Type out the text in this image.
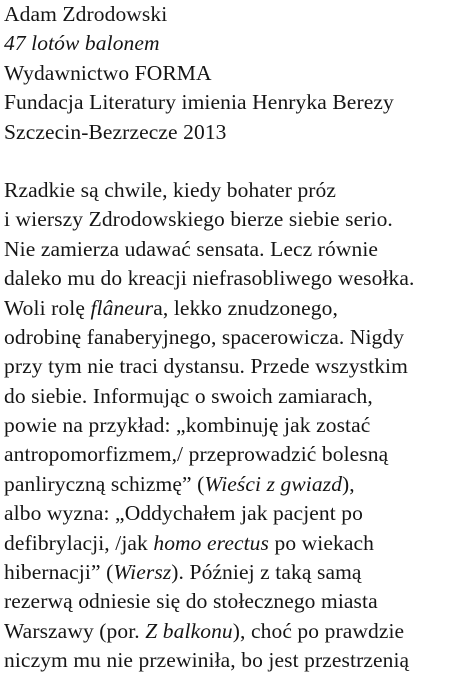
Adam Zdrodowski
47 lotów balonem
Wydawnictwo FORMA
Fundacja Literatury imienia Henryka Berezy
Szczecin-Bezrzecze 2013
Rzadkie są chwile, kiedy bohater próz
i wierszy Zdrodowskiego bierze siebie serio.
Nie zamierza udawać sensata. Lecz równie
daleko mu do kreacji niefrasobliwego wesołka.
Woli rolę flâneura, lekko znudzonego,
odrobinę fanaberyjnego, spacerowicza. Nigdy
przy tym nie traci dystansu. Przede wszystkim
do siebie. Informując o swoich zamiarach,
powie na przykład: „kombinuję jak zostać
antropomorfizmem,/ przeprowadzić bolesną
panliryczną schizmę” (Wieści z gwiazd),
albo wyzna: „Oddychałem jak pacjent po
defibrylacji, /jak homo erectus po wiekach
hibernacji” (Wiersz). Później z taką samą
rezerwą odniesie się do stołecznego miasta
Warszawy (por. Z balkonu), choć po prawdzie
niczym mu nie przewiniła, bo jest przestrzenią
